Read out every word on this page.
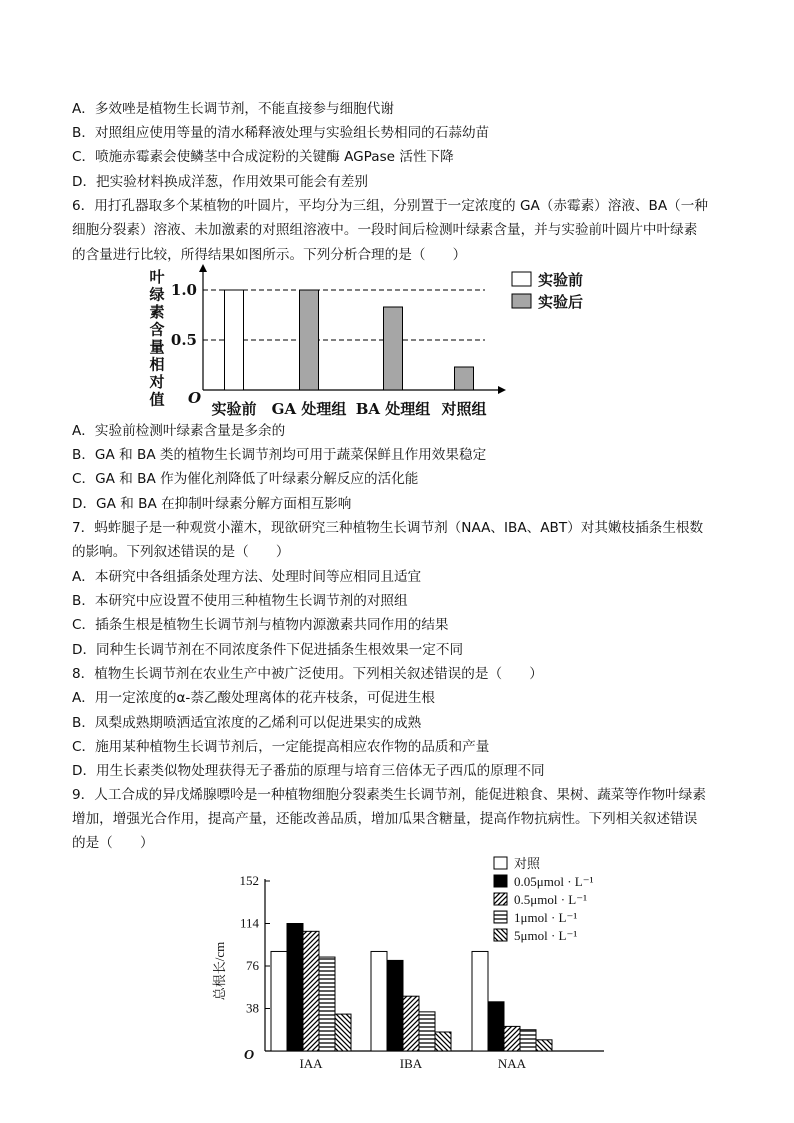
A．多效唑是植物生长调节剂，不能直接参与细胞代谢
B．对照组应使用等量的清水稀释液处理与实验组长势相同的石蒜幼苗
C．喷施赤霉素会使鳞茎中合成淀粉的关键酶 AGPase 活性下降
D．把实验材料换成洋葱，作用效果可能会有差别
6．用打孔器取多个某植物的叶圆片，平均分为三组，分别置于一定浓度的 GA（赤霉素）溶液、BA（一种
细胞分裂素）溶液、未加激素的对照组溶液中。一段时间后检测叶绿素含量，并与实验前叶圆片中叶绿素
的含量进行比较，所得结果如图所示。下列分析合理的是（　　）
0.5
1.0
O
叶
绿
素
含
量
相
对
值
实验前 GA 处理组 BA 处理组 对照组
实验前
实验后
A．实验前检测叶绿素含量是多余的
B．GA 和 BA 类的植物生长调节剂均可用于蔬菜保鲜且作用效果稳定
C．GA 和 BA 作为催化剂降低了叶绿素分解反应的活化能
D．GA 和 BA 在抑制叶绿素分解方面相互影响
7．蚂蚱腿子是一种观赏小灌木，现欲研究三种植物生长调节剂（NAA、IBA、ABT）对其嫩枝插条生根数
的影响。下列叙述错误的是（　　）
A．本研究中各组插条处理方法、处理时间等应相同且适宜
B．本研究中应设置不使用三种植物生长调节剂的对照组
C．插条生根是植物生长调节剂与植物内源激素共同作用的结果
D．同种生长调节剂在不同浓度条件下促进插条生根效果一定不同
8．植物生长调节剂在农业生产中被广泛使用。下列相关叙述错误的是（　　）
A．用一定浓度的α-萘乙酸处理离体的花卉枝条，可促进生根
B．凤梨成熟期喷洒适宜浓度的乙烯利可以促进果实的成熟
C．施用某种植物生长调节剂后，一定能提高相应农作物的品质和产量
D．用生长素类似物处理获得无子番茄的原理与培育三倍体无子西瓜的原理不同
9．人工合成的异戊烯腺嘌呤是一种植物细胞分裂素类生长调节剂，能促进粮食、果树、蔬菜等作物叶绿素
增加，增强光合作用，提高产量，还能改善品质，增加瓜果含糖量，提高作物抗病性。下列相关叙述错误
的是（　　）
38
76
114
152
O
总根长/cm
IAA	IBA	NAA
对照
0.05μmol · L⁻¹
0.5μmol · L⁻¹
1μmol · L⁻¹
5μmol · L⁻¹
